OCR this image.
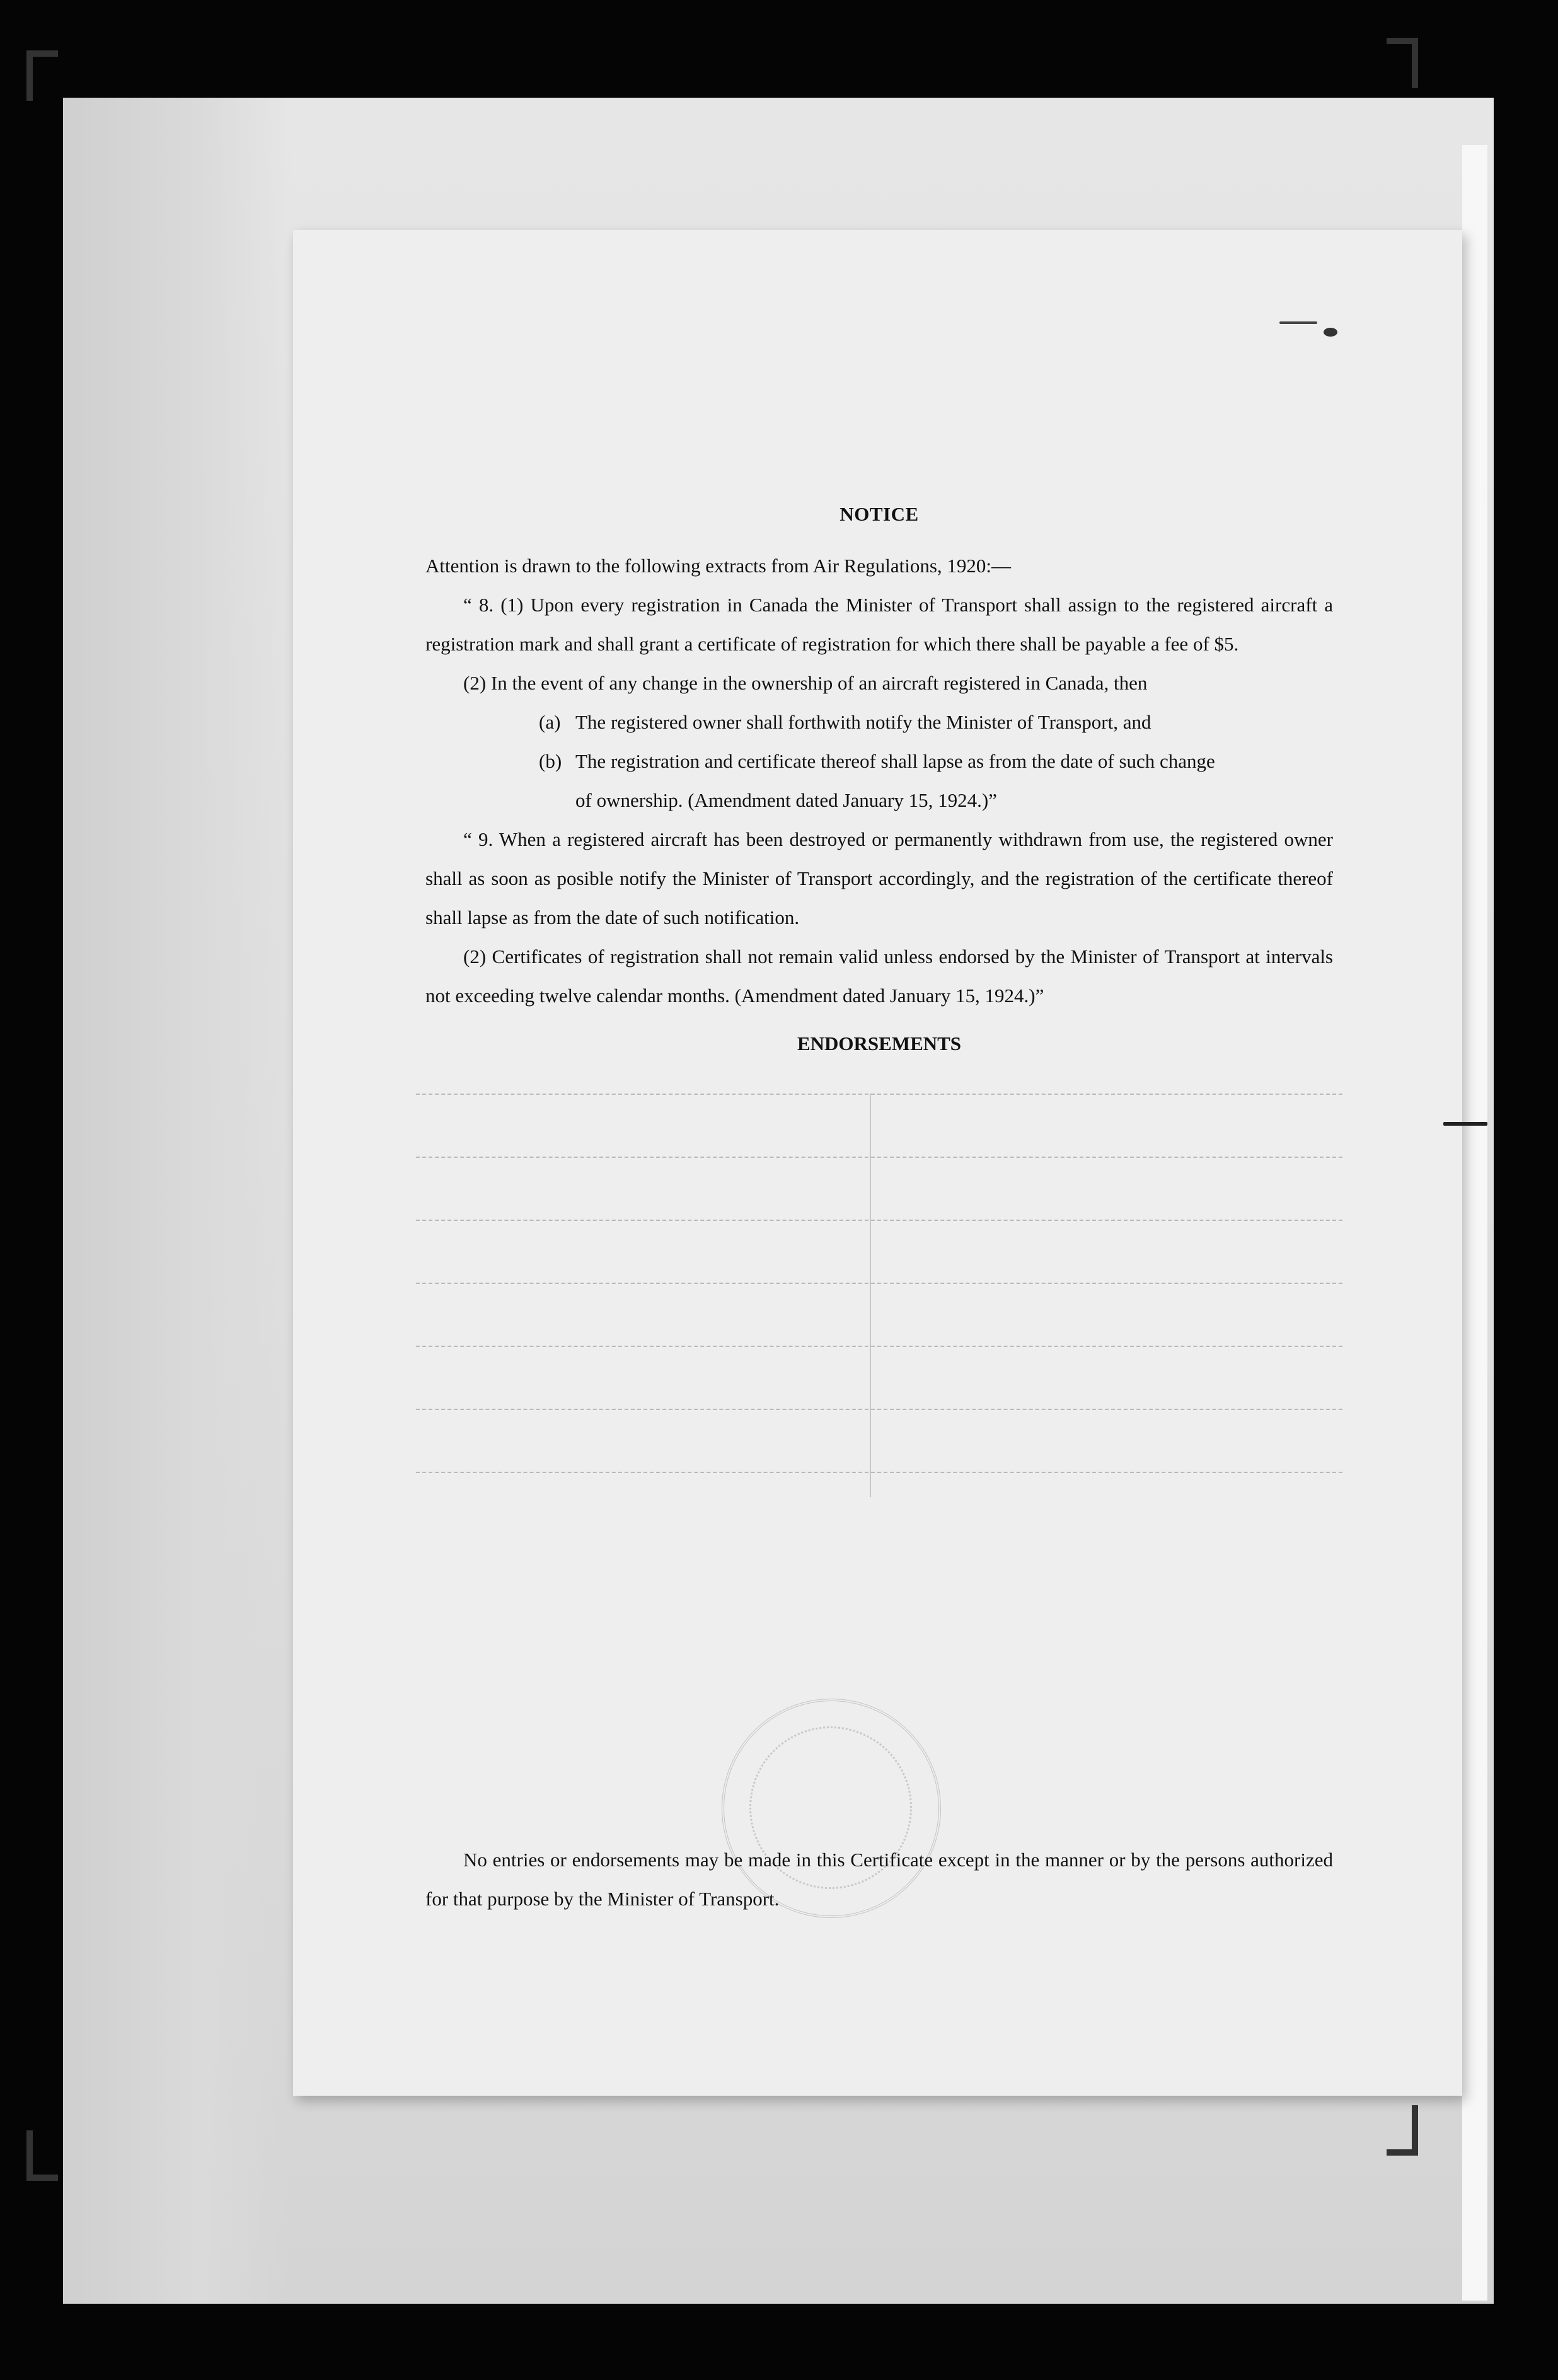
NOTICE

Attention is drawn to the following extracts from Air Regulations, 1920:—

“ 8. (1) Upon every registration in Canada the Minister of Transport shall assign to the registered aircraft a registration mark and shall grant a certificate of registration for which there shall be payable a fee of $5.

(2) In the event of any change in the ownership of an aircraft registered in Canada, then

(a) The registered owner shall forthwith notify the Minister of Transport, and

(b) The registration and certificate thereof shall lapse as from the date of such change

of ownership. (Amendment dated January 15, 1924.)”

“ 9. When a registered aircraft has been destroyed or permanently withdrawn from use, the registered owner shall as soon as posible notify the Minister of Transport accordingly, and the registration of the certificate thereof shall lapse as from the date of such notification.

(2) Certificates of registration shall not remain valid unless endorsed by the Minister of Transport at intervals not exceeding twelve calendar months. (Amendment dated January 15, 1924.)”

ENDORSEMENTS

No entries or endorsements may be made in this Certificate except in the manner or by the persons authorized for that purpose by the Minister of Transport.
